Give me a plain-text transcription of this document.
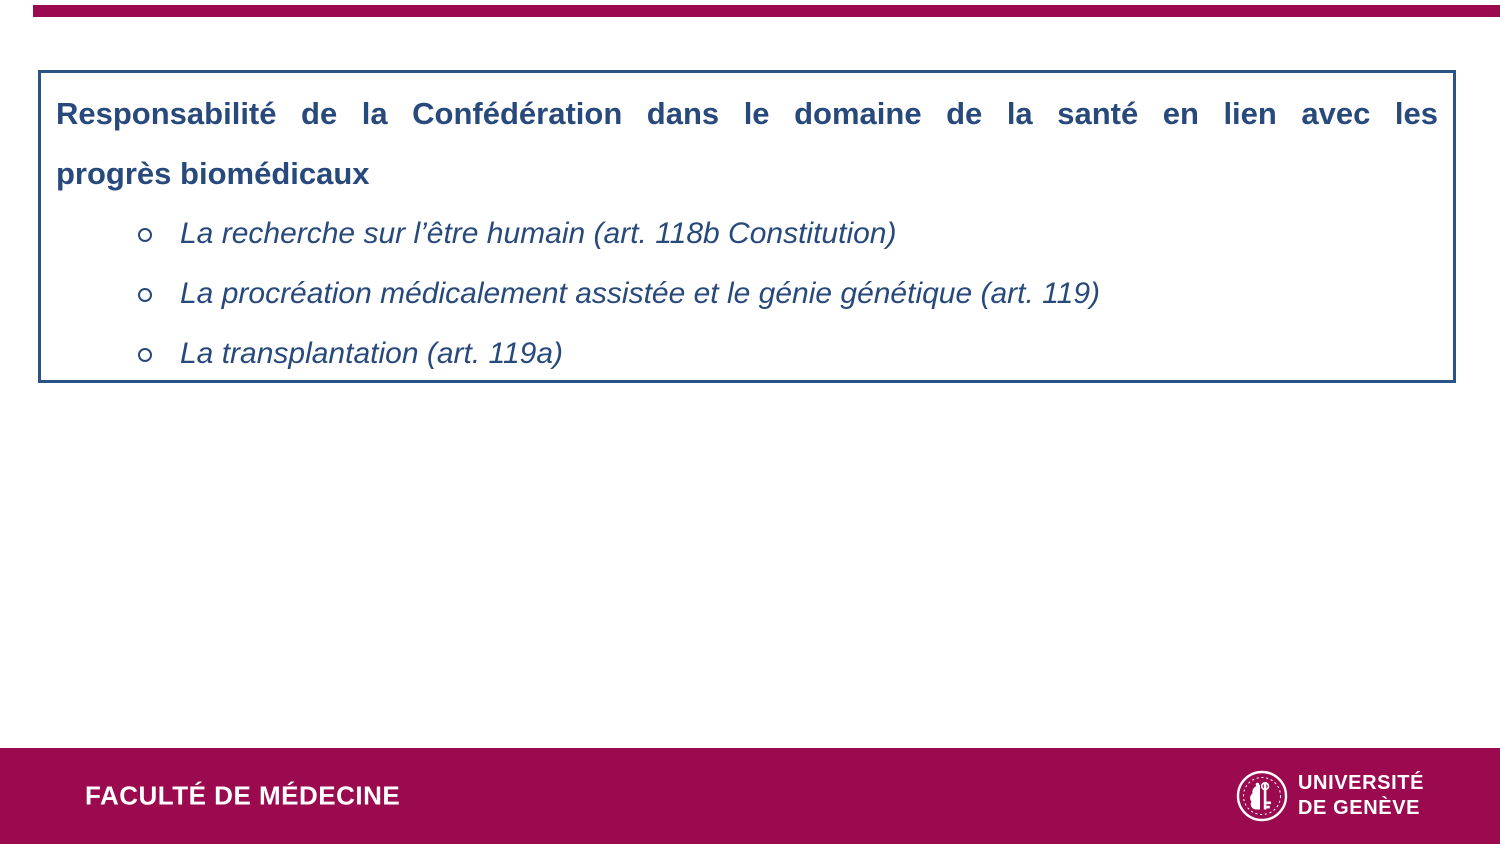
Responsabilité de la Confédération dans le domaine de la santé en lien avec les
progrès biomédicaux
La recherche sur l’être humain (art. 118b Constitution)
La procréation médicalement assistée et le génie génétique (art. 119)
La transplantation (art. 119a)
FACULTÉ DE MÉDECINE	UNIVERSITÉ
DE GENÈVE
